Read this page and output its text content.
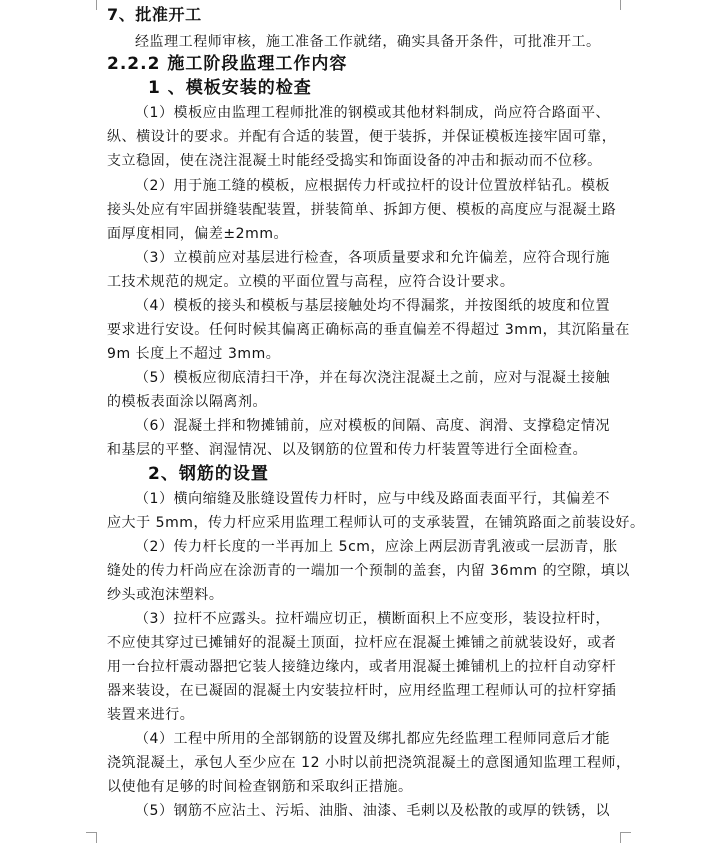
7、批准开工
经监理工程师审核，施工准备工作就绪，确实具备开条件，可批准开工。
2.2.2 施工阶段监理工作内容
1 、模板安装的检查
（1）模板应由监理工程师批准的钢模或其他材料制成，尚应符合路面平、
纵、横设计的要求。并配有合适的装置，便于装拆，并保证模板连接牢固可靠，
支立稳固，使在浇注混凝土时能经受捣实和饰面设备的冲击和振动而不位移。
（2）用于施工缝的模板，应根据传力杆或拉杆的设计位置放样钻孔。模板
接头处应有牢固拼缝装配装置，拼装简单、拆卸方便、模板的高度应与混凝土路
面厚度相同，偏差±2mm。
（3）立模前应对基层进行检查，各项质量要求和允许偏差，应符合现行施
工技术规范的规定。立模的平面位置与高程，应符合设计要求。
（4）模板的接头和模板与基层接触处均不得漏浆，并按图纸的坡度和位置
要求进行安设。任何时候其偏离正确标高的垂直偏差不得超过 3mm，其沉陷量在
9m 长度上不超过 3mm。
（5）模板应彻底清扫干净，并在每次浇注混凝土之前，应对与混凝土接触
的模板表面涂以隔离剂。
（6）混凝土拌和物摊铺前，应对模板的间隔、高度、润滑、支撑稳定情况
和基层的平整、润湿情况、以及钢筋的位置和传力杆装置等进行全面检查。
2、钢筋的设置
（1）横向缩缝及胀缝设置传力杆时，应与中线及路面表面平行，其偏差不
应大于 5mm，传力杆应采用监理工程师认可的支承装置，在铺筑路面之前装设好。
（2）传力杆长度的一半再加上 5cm，应涂上两层沥青乳液或一层沥青，胀
缝处的传力杆尚应在涂沥青的一端加一个预制的盖套，内留 36mm 的空隙，填以
纱头或泡沫塑料。
（3）拉杆不应露头。拉杆端应切正，横断面积上不应变形，装设拉杆时，
不应使其穿过已摊铺好的混凝土顶面，拉杆应在混凝土摊铺之前就装设好，或者
用一台拉杆震动器把它装人接缝边缘内，或者用混凝土摊铺机上的拉杆自动穿杆
器来装设，在已凝固的混凝土内安装拉杆时，应用经监理工程师认可的拉杆穿插
装置来进行。
（4）工程中所用的全部钢筋的设置及绑扎都应先经监理工程师同意后才能
浇筑混凝土，承包人至少应在 12 小时以前把浇筑混凝土的意图通知监理工程师，
以使他有足够的时间检查钢筋和采取纠正措施。
（5）钢筋不应沾土、污垢、油脂、油漆、毛刺以及松散的或厚的铁锈，以
